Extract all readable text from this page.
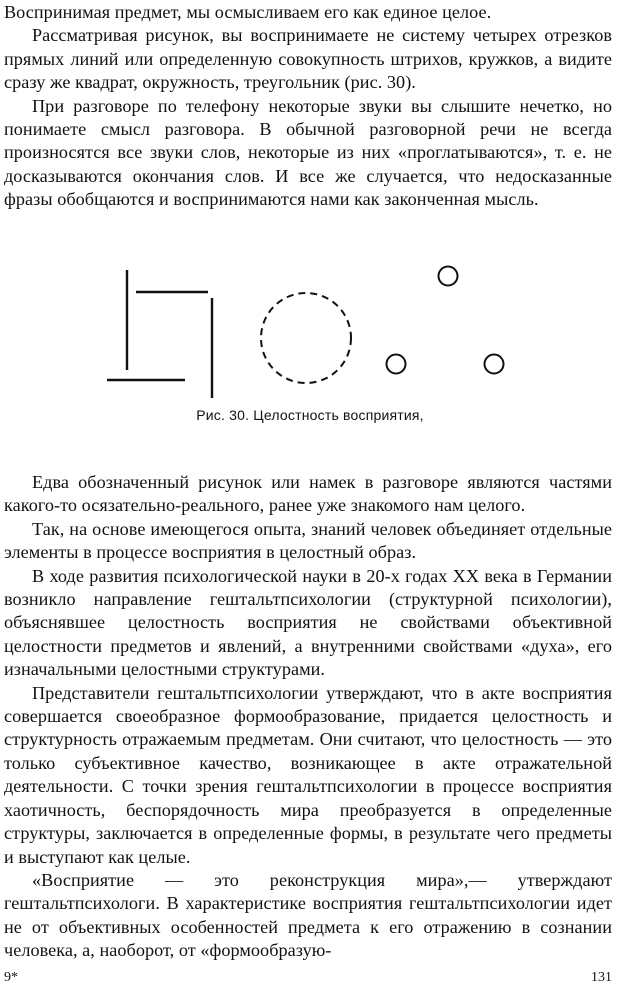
Воспринимая предмет, мы осмысливаем его как единое целое.

Рассматривая рисунок, вы воспринимаете не систему четырех отрезков прямых линий или определенную совокупность штрихов, кружков, а видите сразу же квадрат, окружность, треугольник (рис. 30).

При разговоре по телефону некоторые звуки вы слышите нечетко, но понимаете смысл разговора. В обычной разговорной речи не всегда произносятся все звуки слов, некоторые из них «проглатываются», т. е. не досказываются окончания слов. И все же случается, что недосказанные фразы обобщаются и воспринимаются нами как законченная мысль.

Рис. 30. Целостность восприятия,

Едва обозначенный рисунок или намек в разговоре являются частями какого-то осязательно-реального, ранее уже знакомого нам целого.

Так, на основе имеющегося опыта, знаний человек объединяет отдельные элементы в процессе восприятия в целостный образ.

В ходе развития психологической науки в 20-х годах XX века в Германии возникло направление гештальтпсихологии (структурной психологии), объяснявшее целостность восприятия не свойствами объективной целостности предметов и явлений, а внутренними свойствами «духа», его изначальными целостными структурами.

Представители гештальтпсихологии утверждают, что в акте восприятия совершается своеобразное формообразование, придается целостность и структурность отражаемым предметам. Они считают, что целостность — это только субъективное качество, возникающее в акте отражательной деятельности. С точки зрения гештальтпсихологии в процессе восприятия хаотичность, беспорядочность мира преобразуется в определенные структуры, заключается в определенные формы, в результате чего предметы и выступают как целые.

«Восприятие — это реконструкция мира»,— утверждают гештальтпсихологи. В характеристике восприятия гештальтпсихологии идет не от объективных особенностей предмета к его отражению в сознании человека, а, наоборот, от «формообразую-

9*	131
